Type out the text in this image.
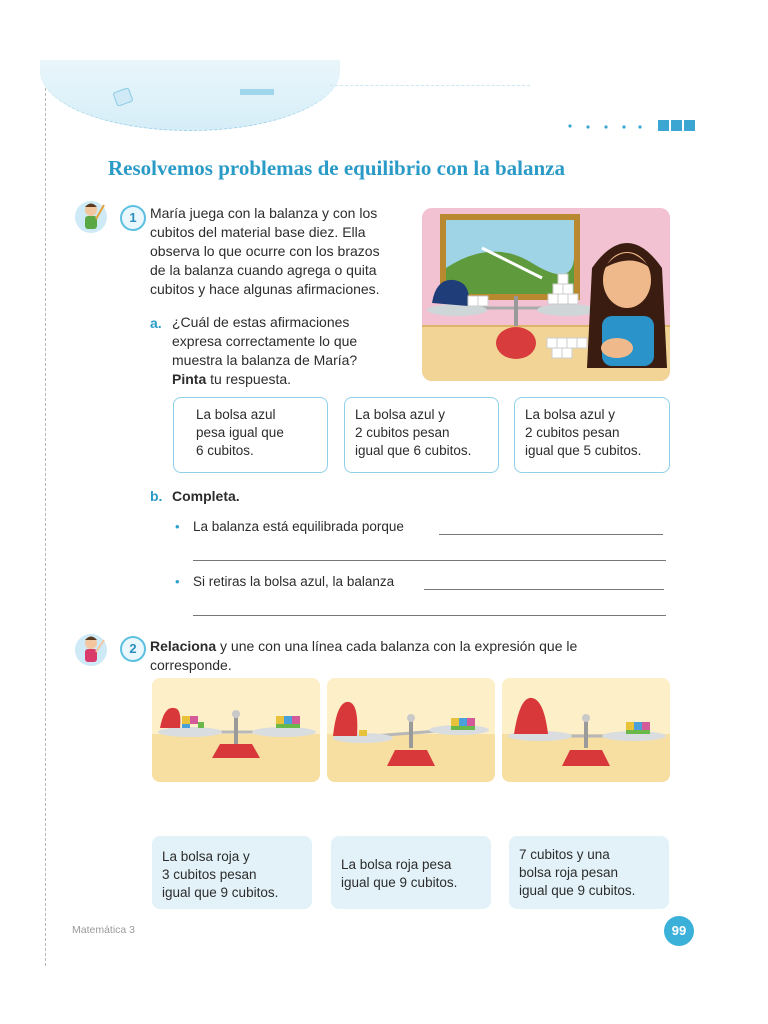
Resolvemos problemas de equilibrio con la balanza
1 María juega con la balanza y con los
cubitos del material base diez. Ella
observa lo que ocurre con los brazos
de la balanza cuando agrega o quita
cubitos y hace algunas afirmaciones.
a. ¿Cuál de estas afirmaciones
expresa correctamente lo que
muestra la balanza de María?
Pinta tu respuesta.
La bolsa azul
pesa igual que
6 cubitos.
La bolsa azul y
2 cubitos pesan
igual que 6 cubitos.
La bolsa azul y
2 cubitos pesan
igual que 5 cubitos.
b. Completa.
• La balanza está equilibrada porque
• Si retiras la bolsa azul, la balanza
2 Relaciona y une con una línea cada balanza con la expresión que le
corresponde.
La bolsa roja y
3 cubitos pesan
igual que 9 cubitos.
La bolsa roja pesa
igual que 9 cubitos.
7 cubitos y una
bolsa roja pesan
igual que 9 cubitos.
Matemática 3	99
